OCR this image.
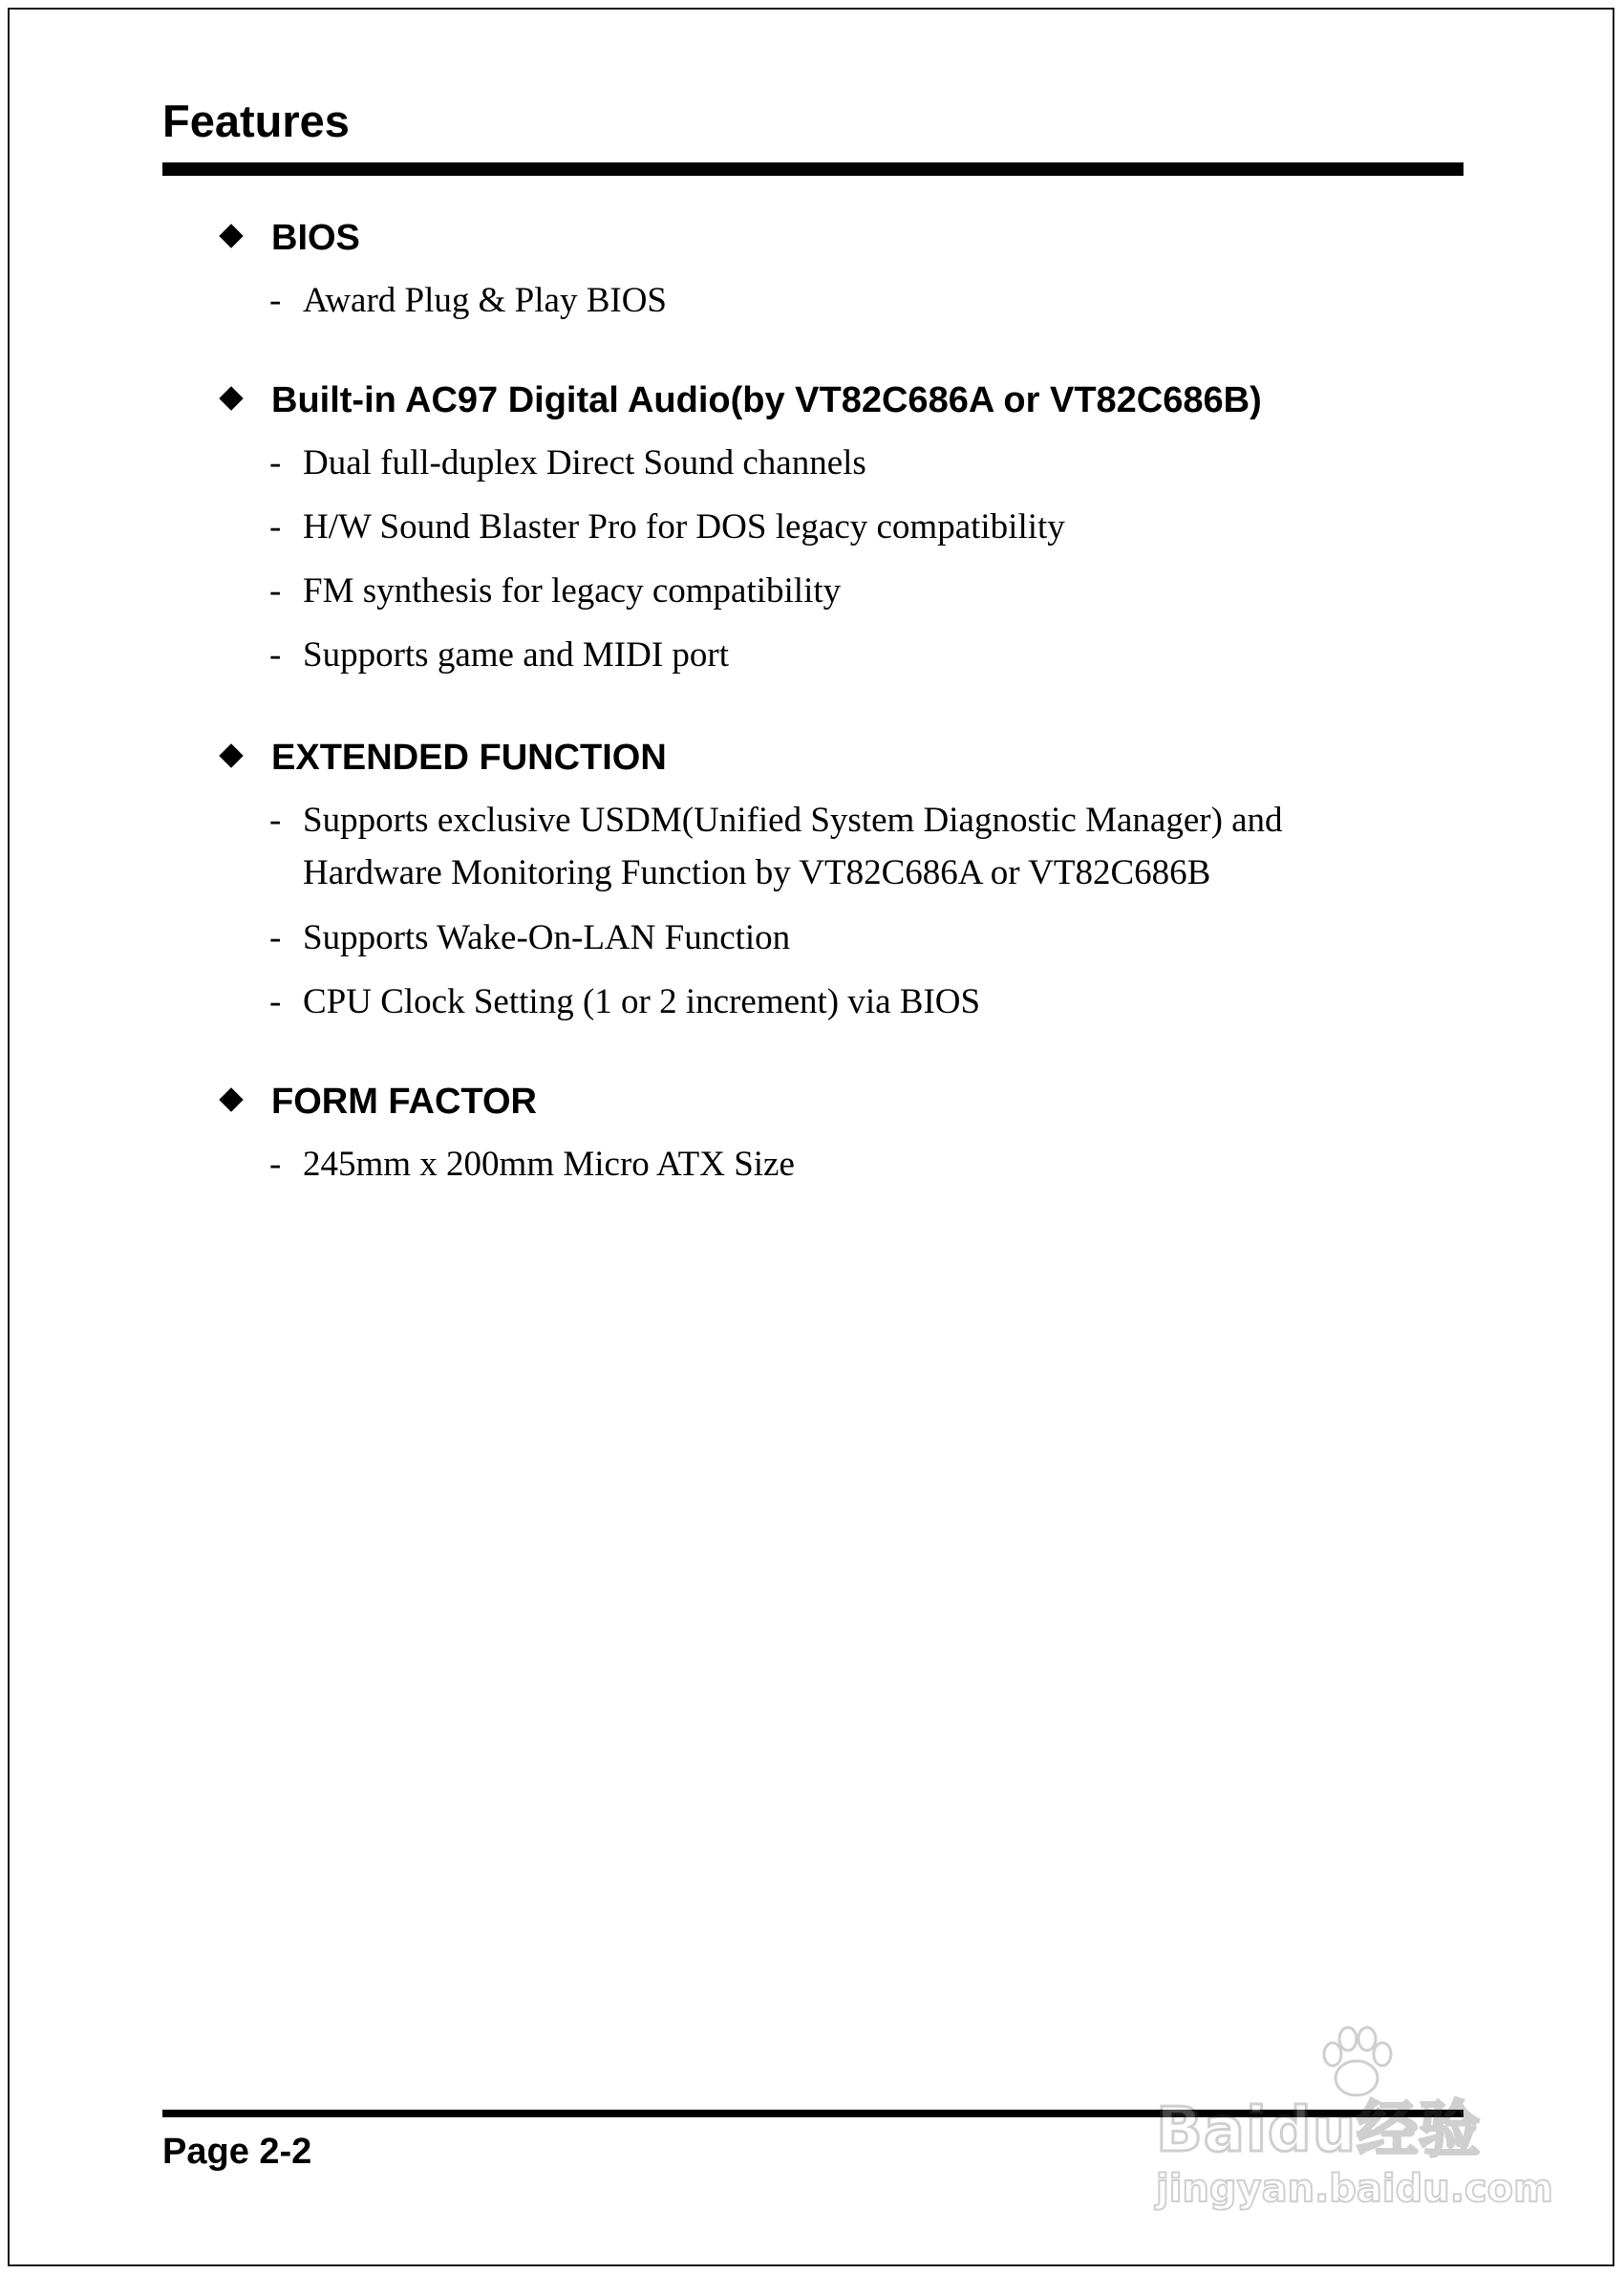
Features
BIOS
- Award Plug & Play BIOS
Built-in AC97 Digital Audio(by VT82C686A or VT82C686B)
- Dual full-duplex Direct Sound channels
- H/W Sound Blaster Pro for DOS legacy compatibility
- FM synthesis for legacy compatibility
- Supports game and MIDI port
EXTENDED FUNCTION
- Supports exclusive USDM(Unified System Diagnostic Manager) and
Hardware Monitoring Function by VT82C686A or VT82C686B
- Supports Wake-On-LAN Function
- CPU Clock Setting (1 or 2 increment) via BIOS
FORM FACTOR
- 245mm x 200mm Micro ATX Size
Page 2-2	Baidu经验
jingyan.baidu.com
